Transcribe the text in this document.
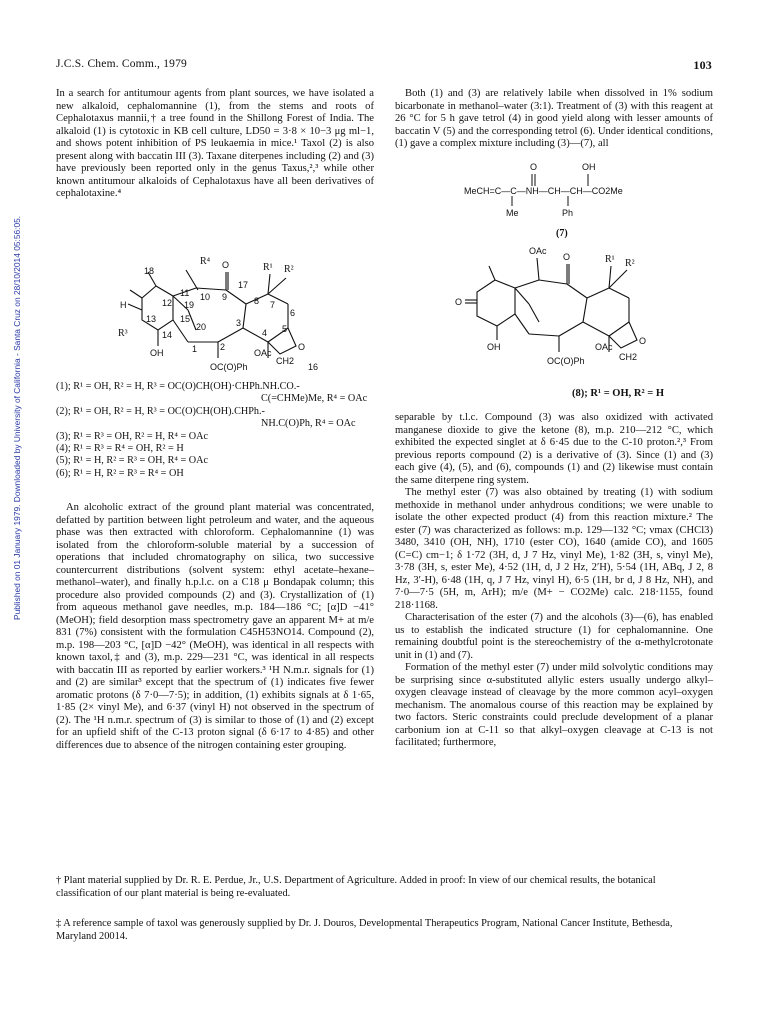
J.C.S. Chem. Comm., 1979	103
Published on 01 January 1979. Downloaded by University of California - Santa Cruz on 28/10/2014 05:56:05.

In a search for antitumour agents from plant sources, we have isolated a new alkaloid, cephalomannine (1), from the stems and roots of Cephalotaxus mannii,† a tree found in the Shillong Forest of India. The alkaloid (1) is cytotoxic in KB cell culture, LD50 = 3·8 × 10−3 μg ml−1, and shows potent inhibition of PS leukaemia in mice.¹ Taxol (2) is also present along with baccatin III (3). Taxane diterpenes including (2) and (3) have previously been reported only in the genus Taxus,²,³ while other known antitumour alkaloids of Cephalotaxus have all been derivatives of cephalotaxine.⁴

R⁴ O	R¹ R²
R³
H
18
17
10 9	8 7
6
11
12 19
13	15
14
20	3
4 5
1	2
16
O
OH	OAc
CH2
OC(O)Ph
(1); R¹ = OH, R² = H, R³ = OC(O)CH(OH)·CHPh.NH.CO.-
C(=CHMe)Me, R⁴ = OAc
(2); R¹ = OH, R² = H, R³ = OC(O)CH(OH).CHPh.-
NH.C(O)Ph, R⁴ = OAc
(3); R¹ = R³ = OH, R² = H, R⁴ = OAc
(4); R¹ = R³ = R⁴ = OH, R² = H
(5); R¹ = H, R² = R³ = OH, R⁴ = OAc
(6); R¹ = H, R² = R³ = R⁴ = OH

An alcoholic extract of the ground plant material was concentrated, defatted by partition between light petroleum and water, and the aqueous phase was then extracted with chloroform. Cephalomannine (1) was isolated from the chloroform-soluble material by a succession of operations that included chromatography on silica, two successive countercurrent distributions (solvent system: ethyl acetate–hexane–methanol–water), and finally h.p.l.c. on a C18 μ Bondapak column; this procedure also provided compounds (2) and (3). Crystallization of (1) from aqueous methanol gave needles, m.p. 184—186 °C; [α]D −41° (MeOH); field desorption mass spectrometry gave an apparent M+ at m/e 831 (7%) consistent with the formulation C45H53NO14. Compound (2), m.p. 198—203 °C, [α]D −42° (MeOH), was identical in all respects with known taxol,‡ and (3), m.p. 229—231 °C, was identical in all respects with baccatin III as reported by earlier workers.³ ¹H N.m.r. signals for (1) and (2) are similar³ except that the spectrum of (1) indicates five fewer aromatic protons (δ 7·0—7·5); in addition, (1) exhibits signals at δ 1·65, 1·85 (2× vinyl Me), and 6·37 (vinyl H) not observed in the spectrum of (2). The ¹H n.m.r. spectrum of (3) is similar to those of (1) and (2) except for an upfield shift of the C-13 proton signal (δ 6·17 to 4·85) and other differences due to absence of the nitrogen containing ester grouping.

Both (1) and (3) are relatively labile when dissolved in 1% sodium bicarbonate in methanol–water (3:1). Treatment of (3) with this reagent at 26 °C for 5 h gave tetrol (4) in good yield along with lesser amounts of baccatin V (5) and the corresponding tetrol (6). Under identical conditions, (1) gave a complex mixture including (3)—(7), all

O	OH
MeCH=C—C—NH—CH—CH—CO2Me
Me	Ph
(7)
OAc
O	R¹ R²
O
OH	OAc
CH2
O
OC(O)Ph
(8); R¹ = OH, R² = H

separable by t.l.c. Compound (3) was also oxidized with activated manganese dioxide to give the ketone (8), m.p. 210—212 °C, which exhibited the expected singlet at δ 6·45 due to the C-10 proton.²,³ From previous reports compound (2) is a derivative of (3). Since (1) and (3) each give (4), (5), and (6), compounds (1) and (2) likewise must contain the same diterpene ring system.

The methyl ester (7) was also obtained by treating (1) with sodium methoxide in methanol under anhydrous conditions; we were unable to isolate the other expected product (4) from this reaction mixture.² The ester (7) was characterized as follows: m.p. 129—132 °C; νmax (CHCl3) 3480, 3410 (OH, NH), 1710 (ester CO), 1640 (amide CO), and 1605 (C=C) cm−1; δ 1·72 (3H, d, J 7 Hz, vinyl Me), 1·82 (3H, s, vinyl Me), 3·78 (3H, s, ester Me), 4·52 (1H, d, J 2 Hz, 2′H), 5·54 (1H, ABq, J 2, 8 Hz, 3′-H), 6·48 (1H, q, J 7 Hz, vinyl H), 6·5 (1H, br d, J 8 Hz, NH), and 7·0—7·5 (5H, m, ArH); m/e (M+ − CO2Me) calc. 218·1155, found 218·1168.

Characterisation of the ester (7) and the alcohols (3)—(6), has enabled us to establish the indicated structure (1) for cephalomannine. One remaining doubtful point is the stereochemistry of the α-methylcrotonate unit in (1) and (7).

Formation of the methyl ester (7) under mild solvolytic conditions may be surprising since α-substituted allylic esters usually undergo alkyl–oxygen cleavage instead of cleavage by the more common acyl–oxygen mechanism. The anomalous course of this reaction may be explained by two factors. Steric constraints could preclude development of a planar carbonium ion at C-11 so that alkyl–oxygen cleavage at C-13 is not facilitated; furthermore,

† Plant material supplied by Dr. R. E. Perdue, Jr., U.S. Department of Agriculture. Added in proof: In view of our chemical results, the botanical classification of our plant material is being re-evaluated.
‡ A reference sample of taxol was generously supplied by Dr. J. Douros, Developmental Therapeutics Program, National Cancer Institute, Bethesda, Maryland 20014.
